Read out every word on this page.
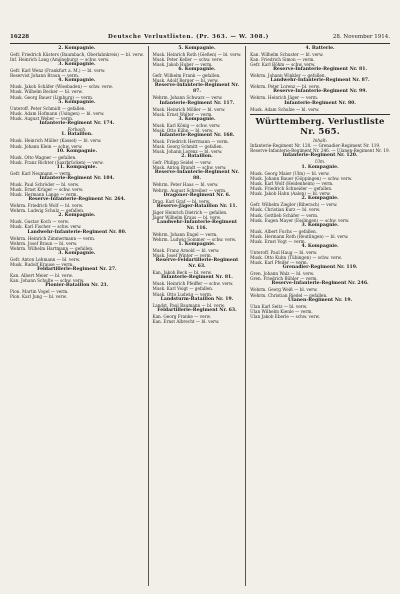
16228	Deutsche Verlustlisten. (Pr. 363. — W. 308.)	28. November 1914.
2. Kompagnie.
Gefr. Friedrich Küsters (Baumbach, Oberlahnkreis) — bl. verw.
Inf. Heinrich Lang (Amöneburg) — schw. verw.
3. Kompagnie.
Gefr. Karl Wenz (Frankfurt a. M.) — bl. verw.
Reservist Johann Braun — verm.
4. Kompagnie.
Musk. Jakob Schäfer (Wiesbaden) — schw. verw.
Musk. Wilhelm Becker — bl. verw.
Musk. Georg Bauer (Limburg) — verm.
5. Kompagnie.
Unteroff. Peter Schmidt — gefallen.
Musk. Adam Hofmann (Usingen) — bl. verw.
Musk. August Weber — verm.
Infanterie-Regiment Nr. 174.
Forbach.
1. Bataillon.
Musk. Heinrich Müller (Kassel) — bl. verw.
Musk. Johann Klein — schw. verw.
10. Kompagnie.
Musk. Otto Wagner — gefallen.
Musk. Franz Richter (Saarbrücken) — verw.
11. Kompagnie.
Gefr. Karl Neumann — verm.
Infanterie-Regiment Nr. 184.
Musk. Paul Schröder — bl. verw.
Musk. Ernst Krüger — schw. verw.
Musk. Hermann Lange — verm.
Reserve-Infanterie-Regiment Nr. 264.
Wehrm. Friedrich Wolf — bl. verw.
Wehrm. Ludwig Schulz — gefallen.
2. Kompagnie.
Musk. Gustav Koch — verw.
Musk. Karl Fischer — schw. verw.
Landwehr-Infanterie-Regiment Nr. 80.
Wehrm. Heinrich Zimmermann — verm.
Wehrm. Josef Braun — bl. verw.
Wehrm. Wilhelm Hartmann — gefallen.
3. Kompagnie.
Gefr. Anton Lehmann — bl. verw.
Musk. Rudolf Krause — verm.
Feldartillerie-Regiment Nr. 27.
Kan. Albert Meier — bl. verw.
Kan. Johann Schulte — schw. verw.
Pionier-Bataillon Nr. 21.
Pion. Martin Vogel — verm.
Pion. Karl Jung — bl. verw.
5. Kompagnie.
Musk. Heinrich Roth (Gießen) — bl. verw.
Musk. Peter Keller — schw. verw.
Musk. Jakob Huber — verm.
6. Kompagnie.
Gefr. Wilhelm Frank — gefallen.
Musk. Adolf Berger — bl. verw.
Reserve-Infanterie-Regiment Nr. 87.
Wehrm. Johann Schwarz — verw.
Infanterie-Regiment Nr. 117.
Musk. Heinrich Möller — bl. verw.
Musk. Ernst Walter — verm.
3. Kompagnie.
Musk. Karl König — schw. verw.
Musk. Otto Kühn — bl. verw.
Infanterie-Regiment Nr. 168.
Musk. Friedrich Herrmann — verm.
Musk. Georg Schmitt — gefallen.
Musk. Johann Lorenz — bl. verw.
2. Bataillon.
Gefr. Philipp Seidel — verw.
Musk. Anton Brandt — schw. verw.
Reserve-Infanterie-Regiment Nr. 88.
Wehrm. Peter Haas — bl. verw.
Wehrm. August Schreiber — verm.
Dragoner-Regiment Nr. 6.
Drag. Karl Graf — bl. verw.
Reserve-Jäger-Bataillon Nr. 11.
Jäger Heinrich Dietrich — gefallen.
Jäger Wilhelm Kraus — bl. verw.
Landwehr-Infanterie-Regiment Nr. 116.
Wehrm. Johann Engel — verm.
Wehrm. Ludwig Sommer — schw. verw.
1. Kompagnie.
Musk. Franz Arnold — bl. verw.
Musk. Josef Winter — verm.
Reserve-Feldartillerie-Regiment Nr. 63.
Kan. Jakob Beck — bl. verw.
Infanterie-Regiment Nr. 81.
Musk. Heinrich Pfeiffer — schw. verw.
Musk. Karl Voigt — gefallen.
Musk. Otto Ludwig — verm.
Landsturm-Bataillon Nr. 19.
Landst. Paul Baumann — bl. verw.
Feldartillerie-Regiment Nr. 63.
Kan. Georg Franke — verw.
Kan. Ernst Albrecht — bl. verw.
4. Batterie.
Kan. Wilhelm Schuster — bl. verw.
Kan. Friedrich Simon — verm.
Gefr. Karl Böhm — schw. verw.
Reserve-Infanterie-Regiment Nr. 81.
Wehrm. Johann Winkler — gefallen.
Landwehr-Infanterie-Regiment Nr. 87.
Wehrm. Peter Lorenz — bl. verw.
Reserve-Infanterie-Regiment Nr. 99.
Wehrm. Heinrich Jäger — verm.
Infanterie-Regiment Nr. 80.
Musk. Adam Schulze — bl. verw.
Württemberg. Verlustliste Nr. 565.
Inhalt:
Infanterie-Regiment Nr. 120. — Grenadier-Regiment Nr. 119.
Reserve-Infanterie-Regiment Nr. 246. — Ulanen-Regiment Nr. 19.
Infanterie-Regiment Nr. 120.
Ulm.
1. Kompagnie.
Musk. Georg Maier (Ulm) — bl. verw.
Musk. Johann Bauer (Göppingen) — schw. verw.
Musk. Karl Wolf (Heidenheim) — verm.
Musk. Friedrich Schneider — gefallen.
Musk. Jakob Hahn (Aalen) — bl. verw.
2. Kompagnie.
Gefr. Wilhelm Ziegler (Biberach) — verw.
Musk. Christian Kurz — bl. verw.
Musk. Gottlieb Schäfer — verm.
Musk. Eugen Mayer (Esslingen) — schw. verw.
3. Kompagnie.
Musk. Albert Fuchs — gefallen.
Musk. Hermann Roth (Reutlingen) — bl. verw.
Musk. Ernst Vogt — verm.
4. Kompagnie.
Unteroff. Paul Haug — bl. verw.
Musk. Otto Kuhn (Tübingen) — schw. verw.
Musk. Karl Pfeifer — verm.
Grenadier-Regiment Nr. 119.
Gren. Johann Walz — bl. verw.
Gren. Friedrich Bühler — verm.
Reserve-Infanterie-Regiment Nr. 246.
Wehrm. Georg Weiß — bl. verw.
Wehrm. Christian Riedel — gefallen.
Ulanen-Regiment Nr. 19.
Ulan Karl Seitz — bl. verw.
Ulan Wilhelm Kienle — verm.
Ulan Jakob Eberle — schw. verw.
